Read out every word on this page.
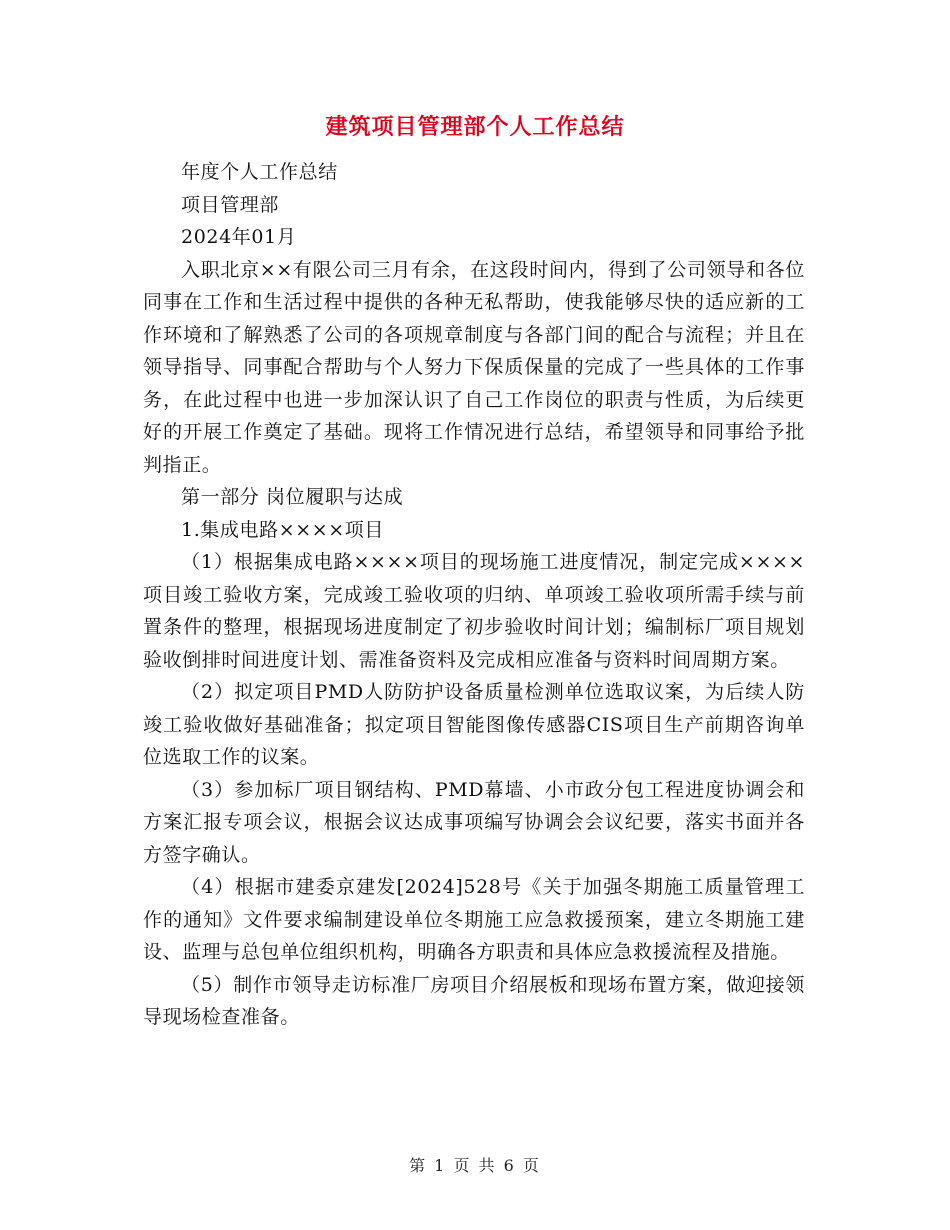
建筑项目管理部个人工作总结

年度个人工作总结

项目管理部

2024年01月

入职北京××有限公司三月有余，在这段时间内，得到了公司领导和各位同事在工作和生活过程中提供的各种无私帮助，使我能够尽快的适应新的工作环境和了解熟悉了公司的各项规章制度与各部门间的配合与流程；并且在领导指导、同事配合帮助与个人努力下保质保量的完成了一些具体的工作事务，在此过程中也进一步加深认识了自己工作岗位的职责与性质，为后续更好的开展工作奠定了基础。现将工作情况进行总结，希望领导和同事给予批判指正。

第一部分 岗位履职与达成

1.集成电路××××项目

（1）根据集成电路××××项目的现场施工进度情况，制定完成××××项目竣工验收方案，完成竣工验收项的归纳、单项竣工验收项所需手续与前置条件的整理，根据现场进度制定了初步验收时间计划；编制标厂项目规划验收倒排时间进度计划、需准备资料及完成相应准备与资料时间周期方案。

（2）拟定项目PMD人防防护设备质量检测单位选取议案，为后续人防竣工验收做好基础准备；拟定项目智能图像传感器CIS项目生产前期咨询单位选取工作的议案。

（3）参加标厂项目钢结构、PMD幕墙、小市政分包工程进度协调会和方案汇报专项会议，根据会议达成事项编写协调会会议纪要，落实书面并各方签字确认。

（4）根据市建委京建发[2024]528号《关于加强冬期施工质量管理工作的通知》文件要求编制建设单位冬期施工应急救援预案，建立冬期施工建设、监理与总包单位组织机构，明确各方职责和具体应急救援流程及措施。

（5）制作市领导走访标准厂房项目介绍展板和现场布置方案，做迎接领导现场检查准备。

第 1 页 共 6 页
